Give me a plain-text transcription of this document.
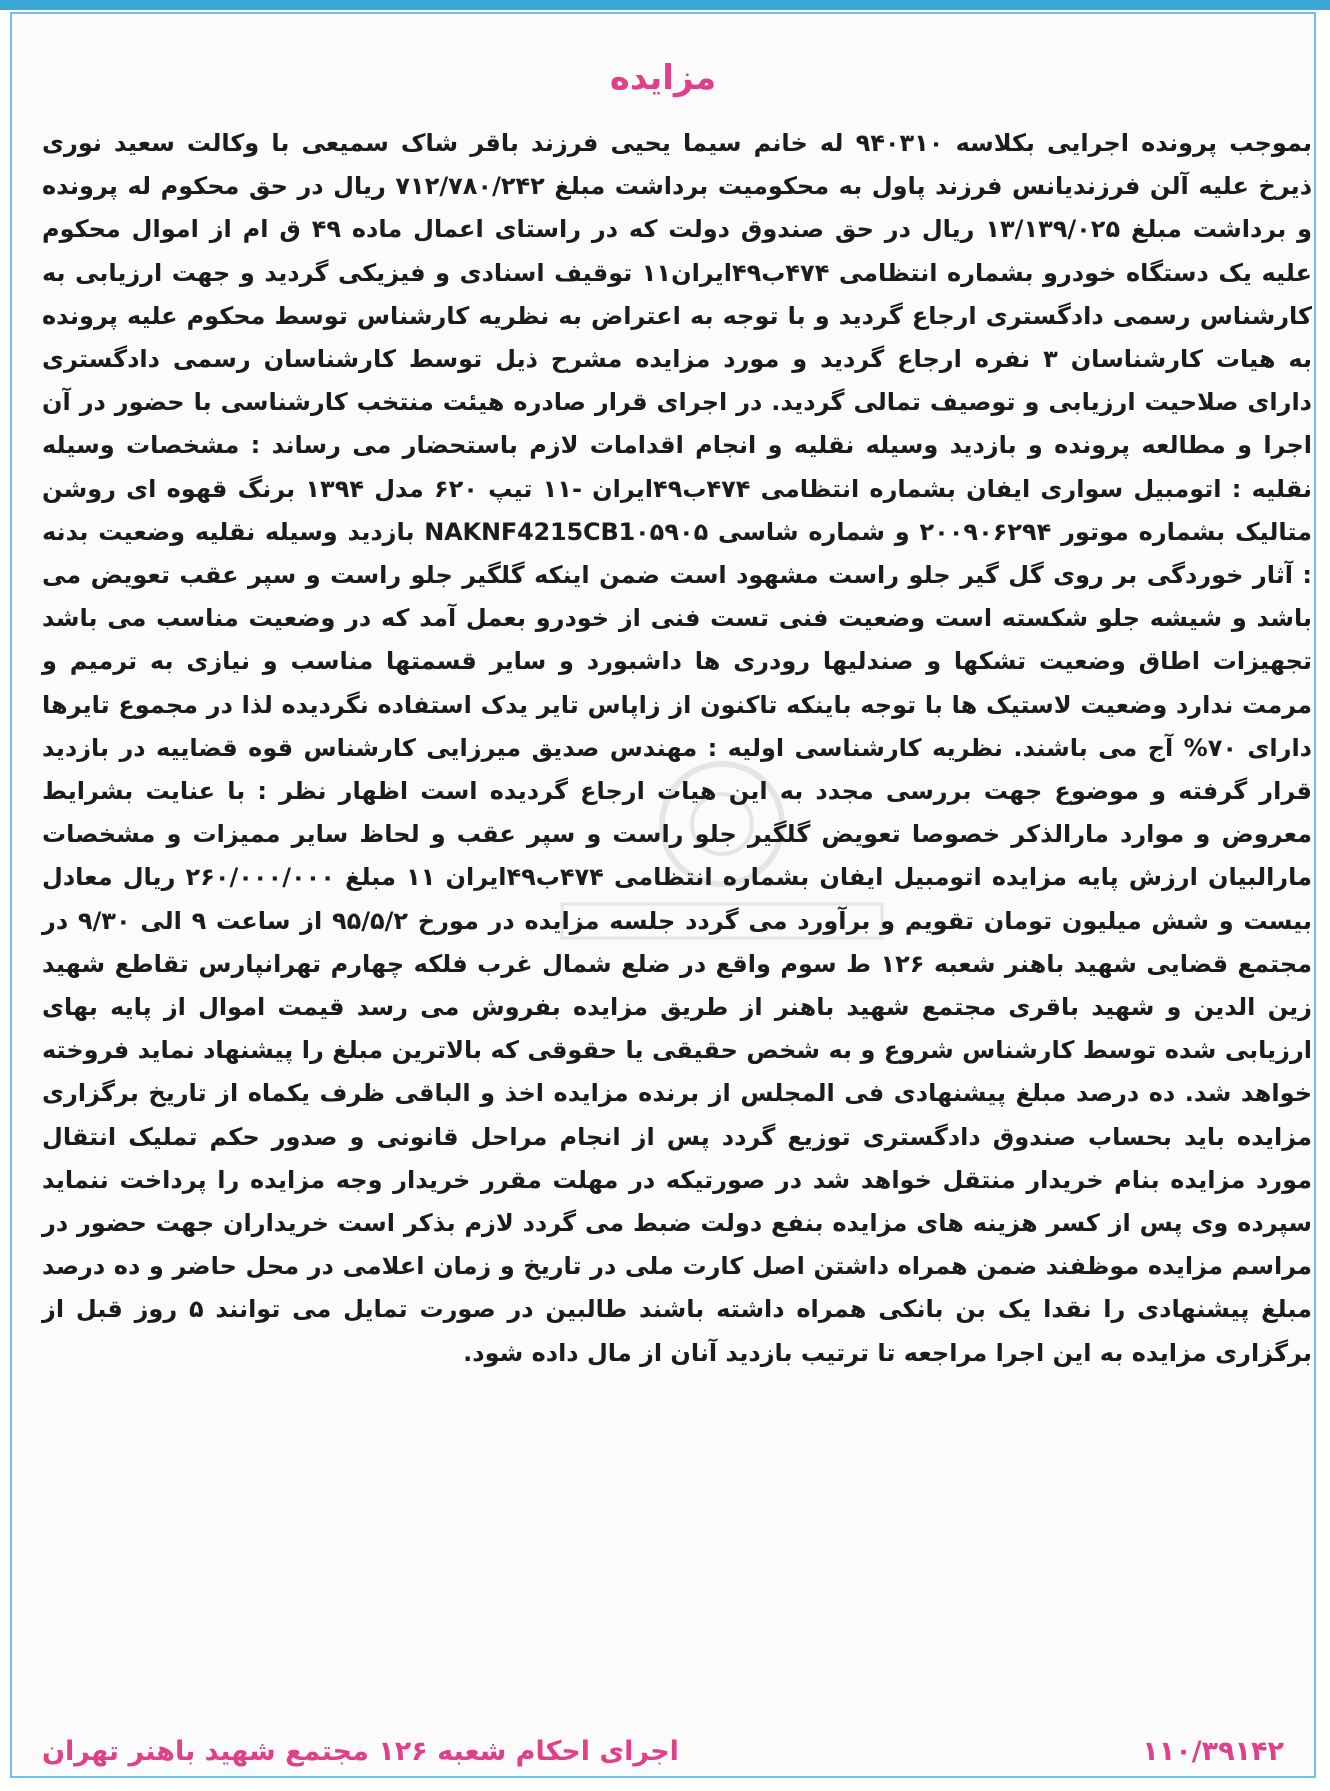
مزایده
بموجب پرونده اجرایی بکلاسه ۹۴۰۳۱۰ له خانم سیما یحیی فرزند باقر شاک سمیعی با وکالت سعید نوری ذیرخ علیه آلن فرزندیانس فرزند پاول به محکومیت برداشت مبلغ ۷۱۲/۷۸۰/۲۴۲ ریال در حق محکوم له پرونده و برداشت مبلغ ۱۳/۱۳۹/۰۲۵ ریال در حق صندوق دولت که در راستای اعمال ماده ۴۹ ق ام از اموال محکوم علیه یک دستگاه خودرو بشماره انتظامی ۴۷۴ب۴۹ایران۱۱ توقیف اسنادی و فیزیکی گردید و جهت ارزیابی به کارشناس رسمی دادگستری ارجاع گردید و با توجه به اعتراض به نظریه کارشناس توسط محکوم علیه پرونده به هیات کارشناسان ۳ نفره ارجاع گردید و مورد مزایده مشرح ذیل توسط کارشناسان رسمی دادگستری دارای صلاحیت ارزیابی و توصیف تمالی گردید. در اجرای قرار صادره هیئت منتخب کارشناسی با حضور در آن اجرا و مطالعه پرونده و بازدید وسیله نقلیه و انجام اقدامات لازم باستحضار می رساند : مشخصات وسیله نقلیه : اتومبیل سواری ایفان بشماره انتظامی ۴۷۴ب۴۹ایران -۱۱ تیپ ۶۲۰ مدل ۱۳۹۴ برنگ قهوه ای روشن متالیک بشماره موتور ۲۰۰۹۰۶۲۹۴ و شماره شاسی NAKNF4215CB1۰۵۹۰۵ بازدید وسیله نقلیه وضعیت بدنه : آثار خوردگی بر روی گل گیر جلو راست مشهود است ضمن اینکه گلگیر جلو راست و سپر عقب تعویض می باشد و شیشه جلو شکسته است وضعیت فنی تست فنی از خودرو بعمل آمد که در وضعیت مناسب می باشد تجهیزات اطاق وضعیت تشکها و صندلیها رودری ها داشبورد و سایر قسمتها مناسب و نیازی به ترمیم و مرمت ندارد وضعیت لاستیک ها با توجه باینکه تاکنون از زاپاس تایر یدک استفاده نگردیده لذا در مجموع تایرها دارای ۷۰% آج می باشند. نظریه کارشناسی اولیه : مهندس صدیق میرزایی کارشناس قوه قضاییه در بازدید قرار گرفته و موضوع جهت بررسی مجدد به این هیات ارجاع گردیده است اظهار نظر : با عنایت بشرایط معروض و موارد مارالذکر خصوصا تعویض گلگیر جلو راست و سپر عقب و لحاظ سایر ممیزات و مشخصات مارالبیان ارزش پایه مزایده اتومبیل ایفان بشماره انتظامی ۴۷۴ب۴۹ایران ۱۱ مبلغ ۲۶۰/۰۰۰/۰۰۰ ریال معادل بیست و شش میلیون تومان تقویم و برآورد می گردد جلسه مزایده در مورخ ۹۵/۵/۲ از ساعت ۹ الی ۹/۳۰ در مجتمع قضایی شهید باهنر شعبه ۱۲۶ ط سوم واقع در ضلع شمال غرب فلکه چهارم تهرانپارس تقاطع شهید زین الدین و شهید باقری مجتمع شهید باهنر از طریق مزایده بفروش می رسد قیمت اموال از پایه بهای ارزیابی شده توسط کارشناس شروع و به شخص حقیقی یا حقوقی که بالاترین مبلغ را پیشنهاد نماید فروخته خواهد شد. ده درصد مبلغ پیشنهادی فی المجلس از برنده مزایده اخذ و الباقی ظرف یکماه از تاریخ برگزاری مزایده باید بحساب صندوق دادگستری توزیع گردد پس از انجام مراحل قانونی و صدور حکم تملیک انتقال مورد مزایده بنام خریدار منتقل خواهد شد در صورتیکه در مهلت مقرر خریدار وجه مزایده را پرداخت ننماید سپرده وی پس از کسر هزینه های مزایده بنفع دولت ضبط می گردد لازم بذکر است خریداران جهت حضور در مراسم مزایده موظفند ضمن همراه داشتن اصل کارت ملی در تاریخ و زمان اعلامی در محل حاضر و ده درصد مبلغ پیشنهادی را نقدا یک بن بانکی همراه داشته باشند طالبین در صورت تمایل می توانند ۵ روز قبل از برگزاری مزایده به این اجرا مراجعه تا ترتیب بازدید آنان از مال داده شود.
۱۱۰/۳۹۱۴۲
اجرای احکام شعبه ۱۲۶ مجتمع شهید باهنر تهران
